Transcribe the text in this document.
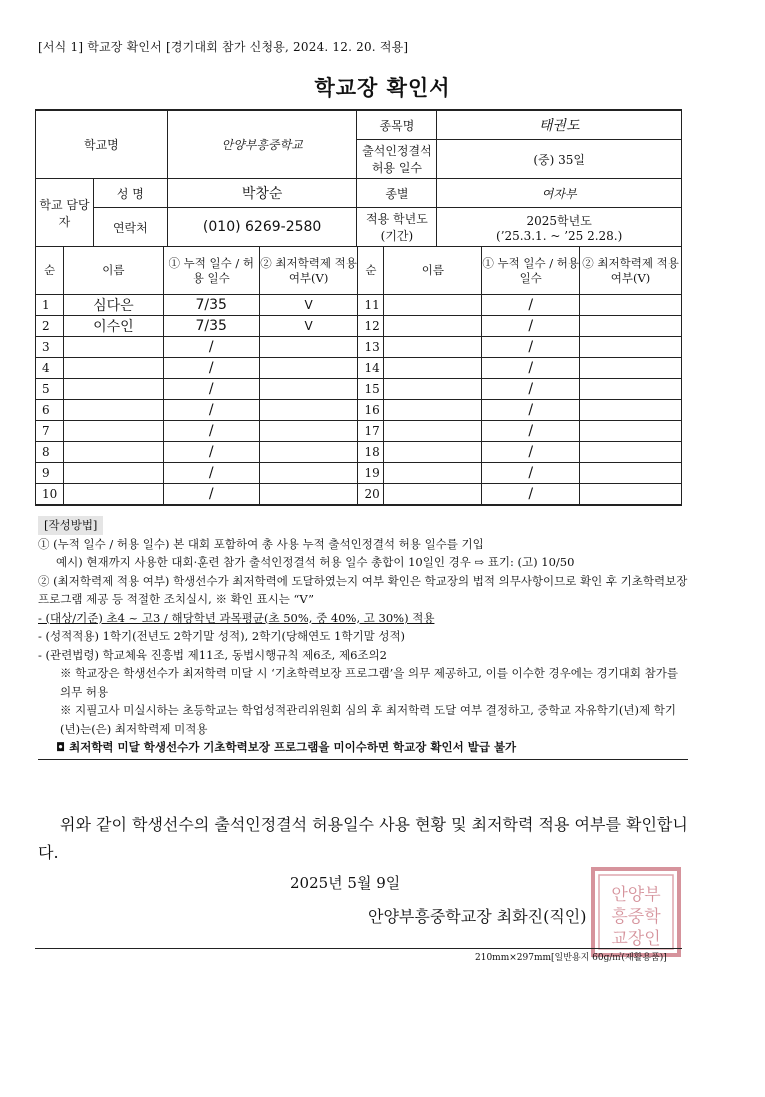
[서식 1] 학교장 확인서 [경기대회 참가 신청용, 2024. 12. 20. 적용]
학교장 확인서
학교명		안양부흥중학교	종목명	태권도
			출석인정결석 허용 일수	(중) 35일
학교 담당자	성 명	박창순	종별	여자부
	연락처	(010) 6269-2580	적용 학년도 (기간)	2025학년도
(’25.3.1. ~ ’25 2.28.)
순	이름	① 누적 일수 / 허용 일수	② 최저학력제 적용 여부(V)	순	이름	① 누적 일수 / 허용 일수	② 최저학력제 적용 여부(V)
1	심다은	7/35	V	11		/	
2	이수인	7/35	V	12		/	
3		/		13		/	
4		/		14		/	
5		/		15		/	
6		/		16		/	
7		/		17		/	
8		/		18		/	
9		/		19		/	
10		/		20		/	

[작성방법]

① (누적 일수 / 허용 일수) 본 대회 포함하여 총 사용 누적 출석인정결석 허용 일수를 기입

예시) 현재까지 사용한 대회·훈련 참가 출석인정결석 허용 일수 총합이 10일인 경우 ⇨ 표기: (고) 10/50

② (최저학력제 적용 여부) 학생선수가 최저학력에 도달하였는지 여부 확인은 학교장의 법적 의무사항이므로 확인 후 기초학력보장 프로그램 제공 등 적절한 조치실시, ※ 확인 표시는 “V”

- (대상/기준) 초4 ~ 고3 / 해당학년 과목평균(초 50%, 중 40%, 고 30%) 적용

- (성적적용) 1학기(전년도 2학기말 성적), 2학기(당해연도 1학기말 성적)

- (관련법령) 학교체육 진흥법 제11조, 동법시행규칙 제6조, 제6조의2

※ 학교장은 학생선수가 최저학력 미달 시 ‘기초학력보장 프로그램’을 의무 제공하고, 이를 이수한 경우에는 경기대회 참가를 의무 허용

※ 지필고사 미실시하는 초등학교는 학업성적관리위원회 심의 후 최저학력 도달 여부 결정하고, 중학교 자유학기(년)제 학기(년)는(은) 최저학력제 미적용

◘ 최저학력 미달 학생선수가 기초학력보장 프로그램을 미이수하면 학교장 확인서 발급 불가

위와 같이 학생선수의 출석인정결석 허용일수 사용 현황 및 최저학력 적용 여부를 확인합니다.

2025년 5월 9일
안양부흥중학교장 최화진(직인)
안양부
흥중학
교장인
210mm×297mm[일반용지 60g/㎡(재활용품)]
